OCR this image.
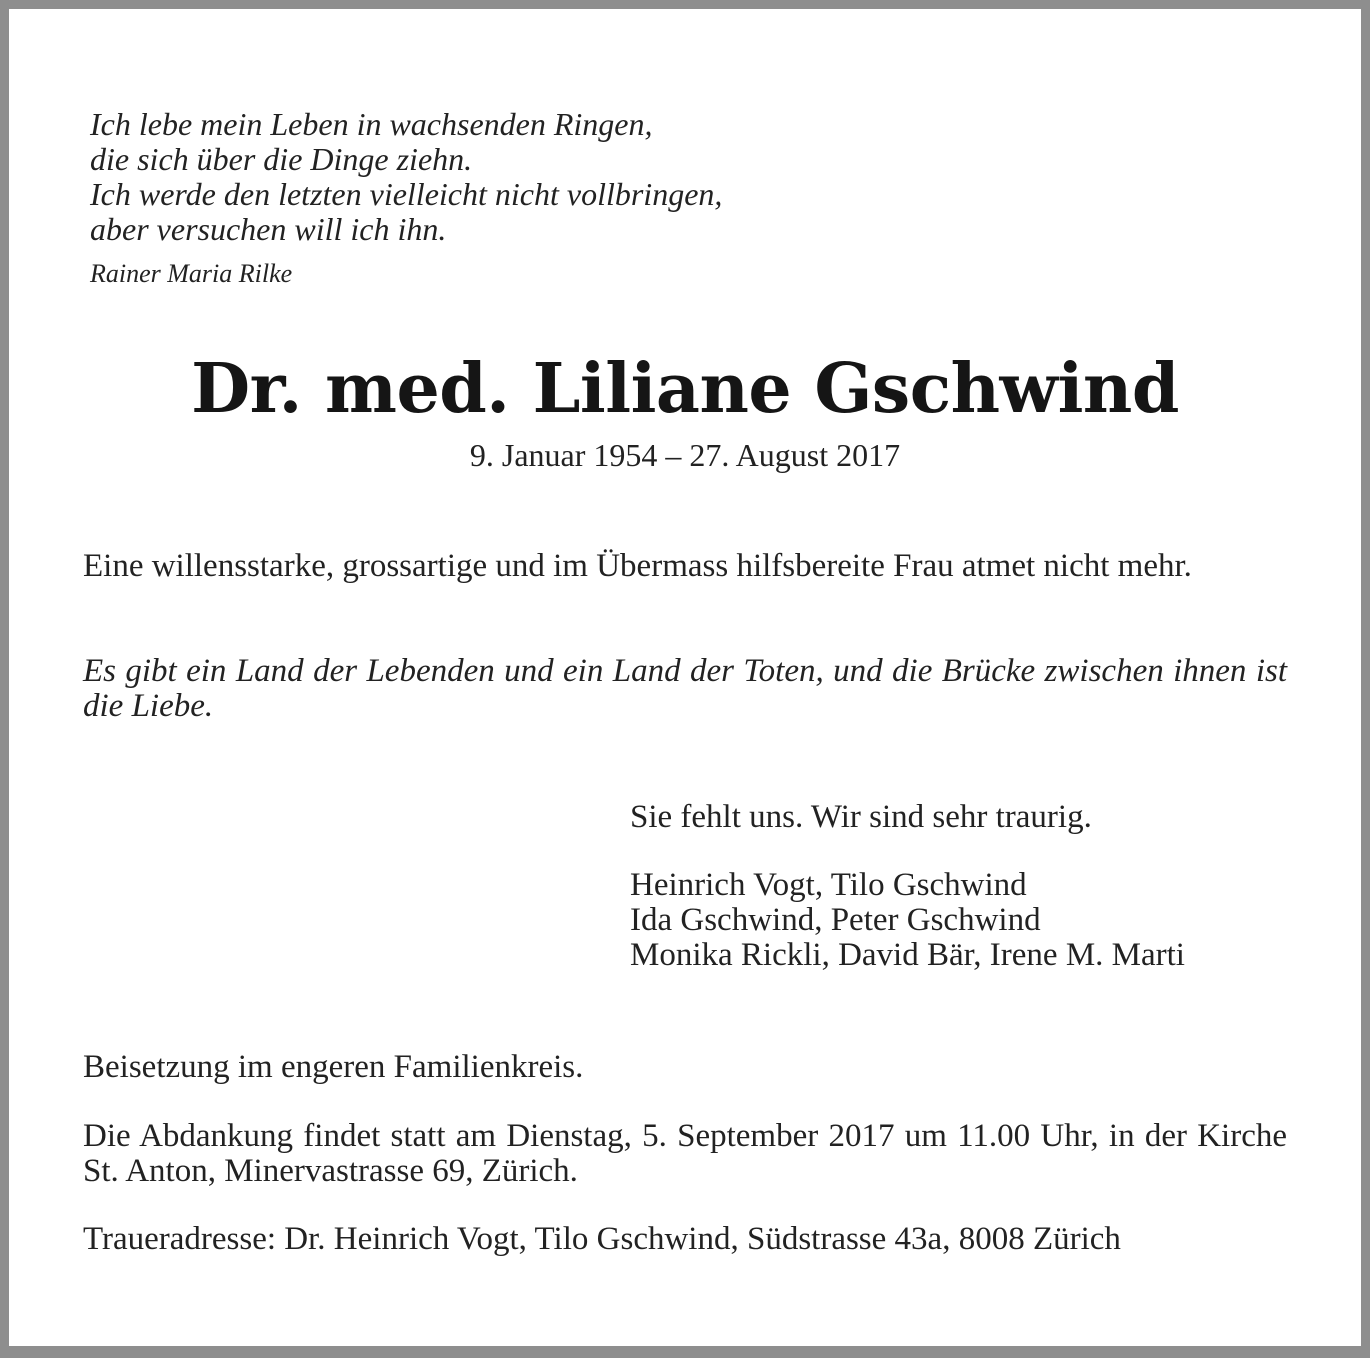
Ich lebe mein Leben in wachsenden Ringen,
die sich über die Dinge ziehn.
Ich werde den letzten vielleicht nicht vollbringen,
aber versuchen will ich ihn.
Rainer Maria Rilke
Dr. med. Liliane Gschwind
9. Januar 1954 – 27. August 2017

Eine willensstarke, grossartige und im Übermass hilfsbereite Frau atmet nicht mehr.

Es gibt ein Land der Lebenden und ein Land der Toten, und die Brücke zwischen ihnen ist die Liebe.

Sie fehlt uns. Wir sind sehr traurig.
Heinrich Vogt, Tilo Gschwind
Ida Gschwind, Peter Gschwind
Monika Rickli, David Bär, Irene M. Marti

Beisetzung im engeren Familienkreis.

Die Abdankung findet statt am Dienstag, 5. September 2017 um 11.00 Uhr, in der Kirche St. Anton, Minervastrasse 69, Zürich.

Traueradresse: Dr. Heinrich Vogt, Tilo Gschwind, Südstrasse 43a, 8008 Zürich
